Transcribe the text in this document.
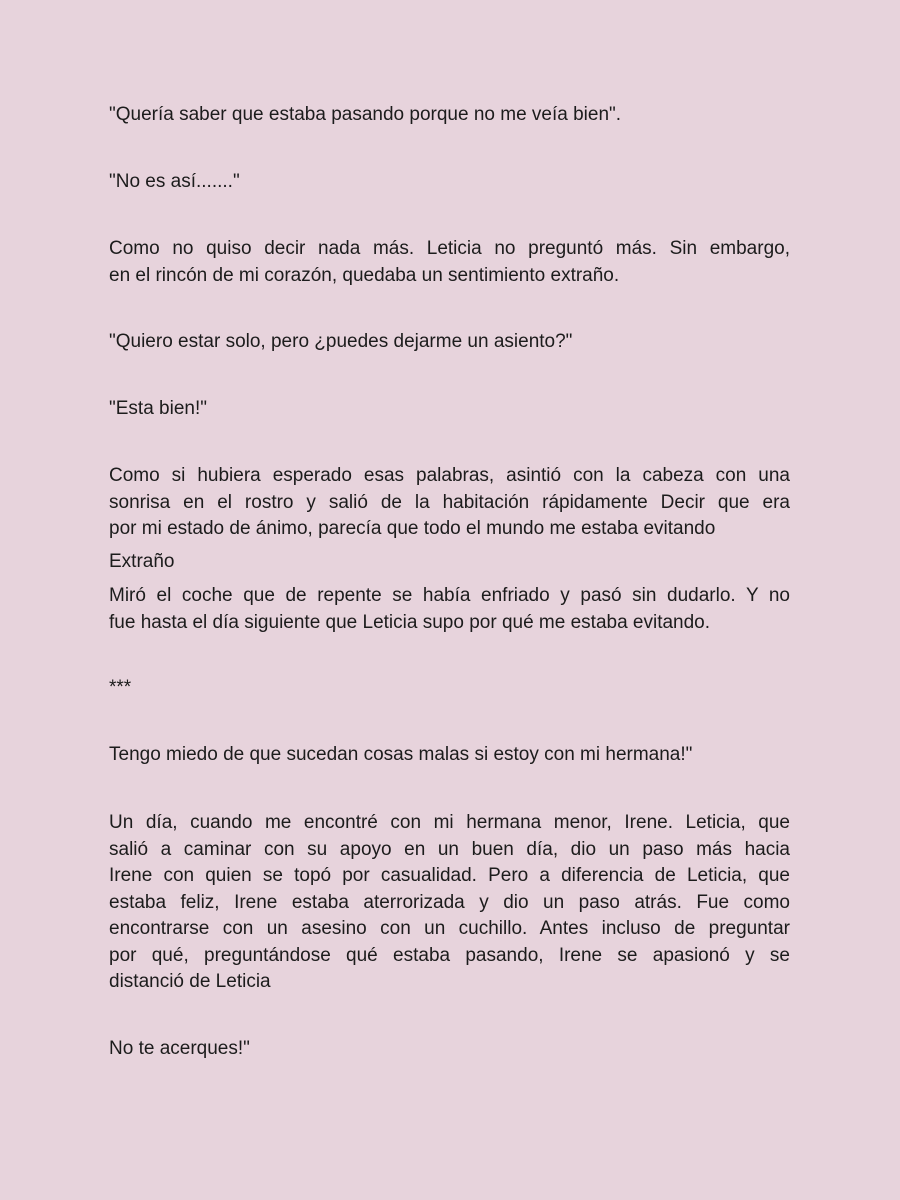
"Quería saber que estaba pasando porque no me veía bien".

"No es así......."

Como no quiso decir nada más. Leticia no preguntó más. Sin embargo,
en el rincón de mi corazón, quedaba un sentimiento extraño.

"Quiero estar solo, pero ¿puedes dejarme un asiento?"

"Esta bien!"

Como si hubiera esperado esas palabras, asintió con la cabeza con una
sonrisa en el rostro y salió de la habitación rápidamente Decir que era
por mi estado de ánimo, parecía que todo el mundo me estaba evitando

Extraño

Miró el coche que de repente se había enfriado y pasó sin dudarlo. Y no
fue hasta el día siguiente que Leticia supo por qué me estaba evitando.

***

Tengo miedo de que sucedan cosas malas si estoy con mi hermana!"

Un día, cuando me encontré con mi hermana menor, Irene. Leticia, que
salió a caminar con su apoyo en un buen día, dio un paso más hacia
Irene con quien se topó por casualidad. Pero a diferencia de Leticia, que
estaba feliz, Irene estaba aterrorizada y dio un paso atrás. Fue como
encontrarse con un asesino con un cuchillo. Antes incluso de preguntar
por qué, preguntándose qué estaba pasando, Irene se apasionó y se
distanció de Leticia

No te acerques!"
